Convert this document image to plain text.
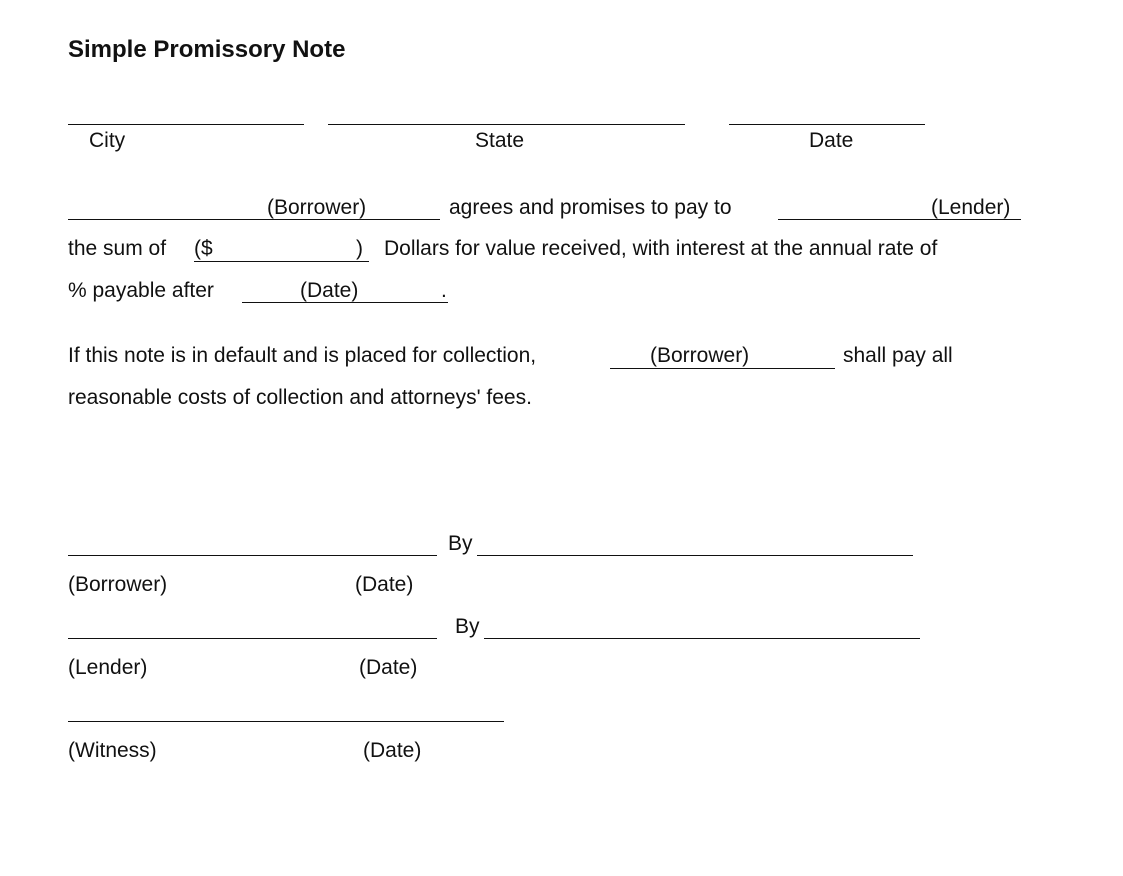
Simple Promissory Note
City	State	Date
(Borrower)	agrees and promises to pay to	(Lender)
the sum of ($	) Dollars for value received, with interest at the annual rate of
% payable after	(Date)	.
If this note is in default and is placed for collection,	(Borrower)	shall pay all
reasonable costs of collection and attorneys' fees.
By
(Borrower)	(Date)
By
(Lender)	(Date)
(Witness)	(Date)
